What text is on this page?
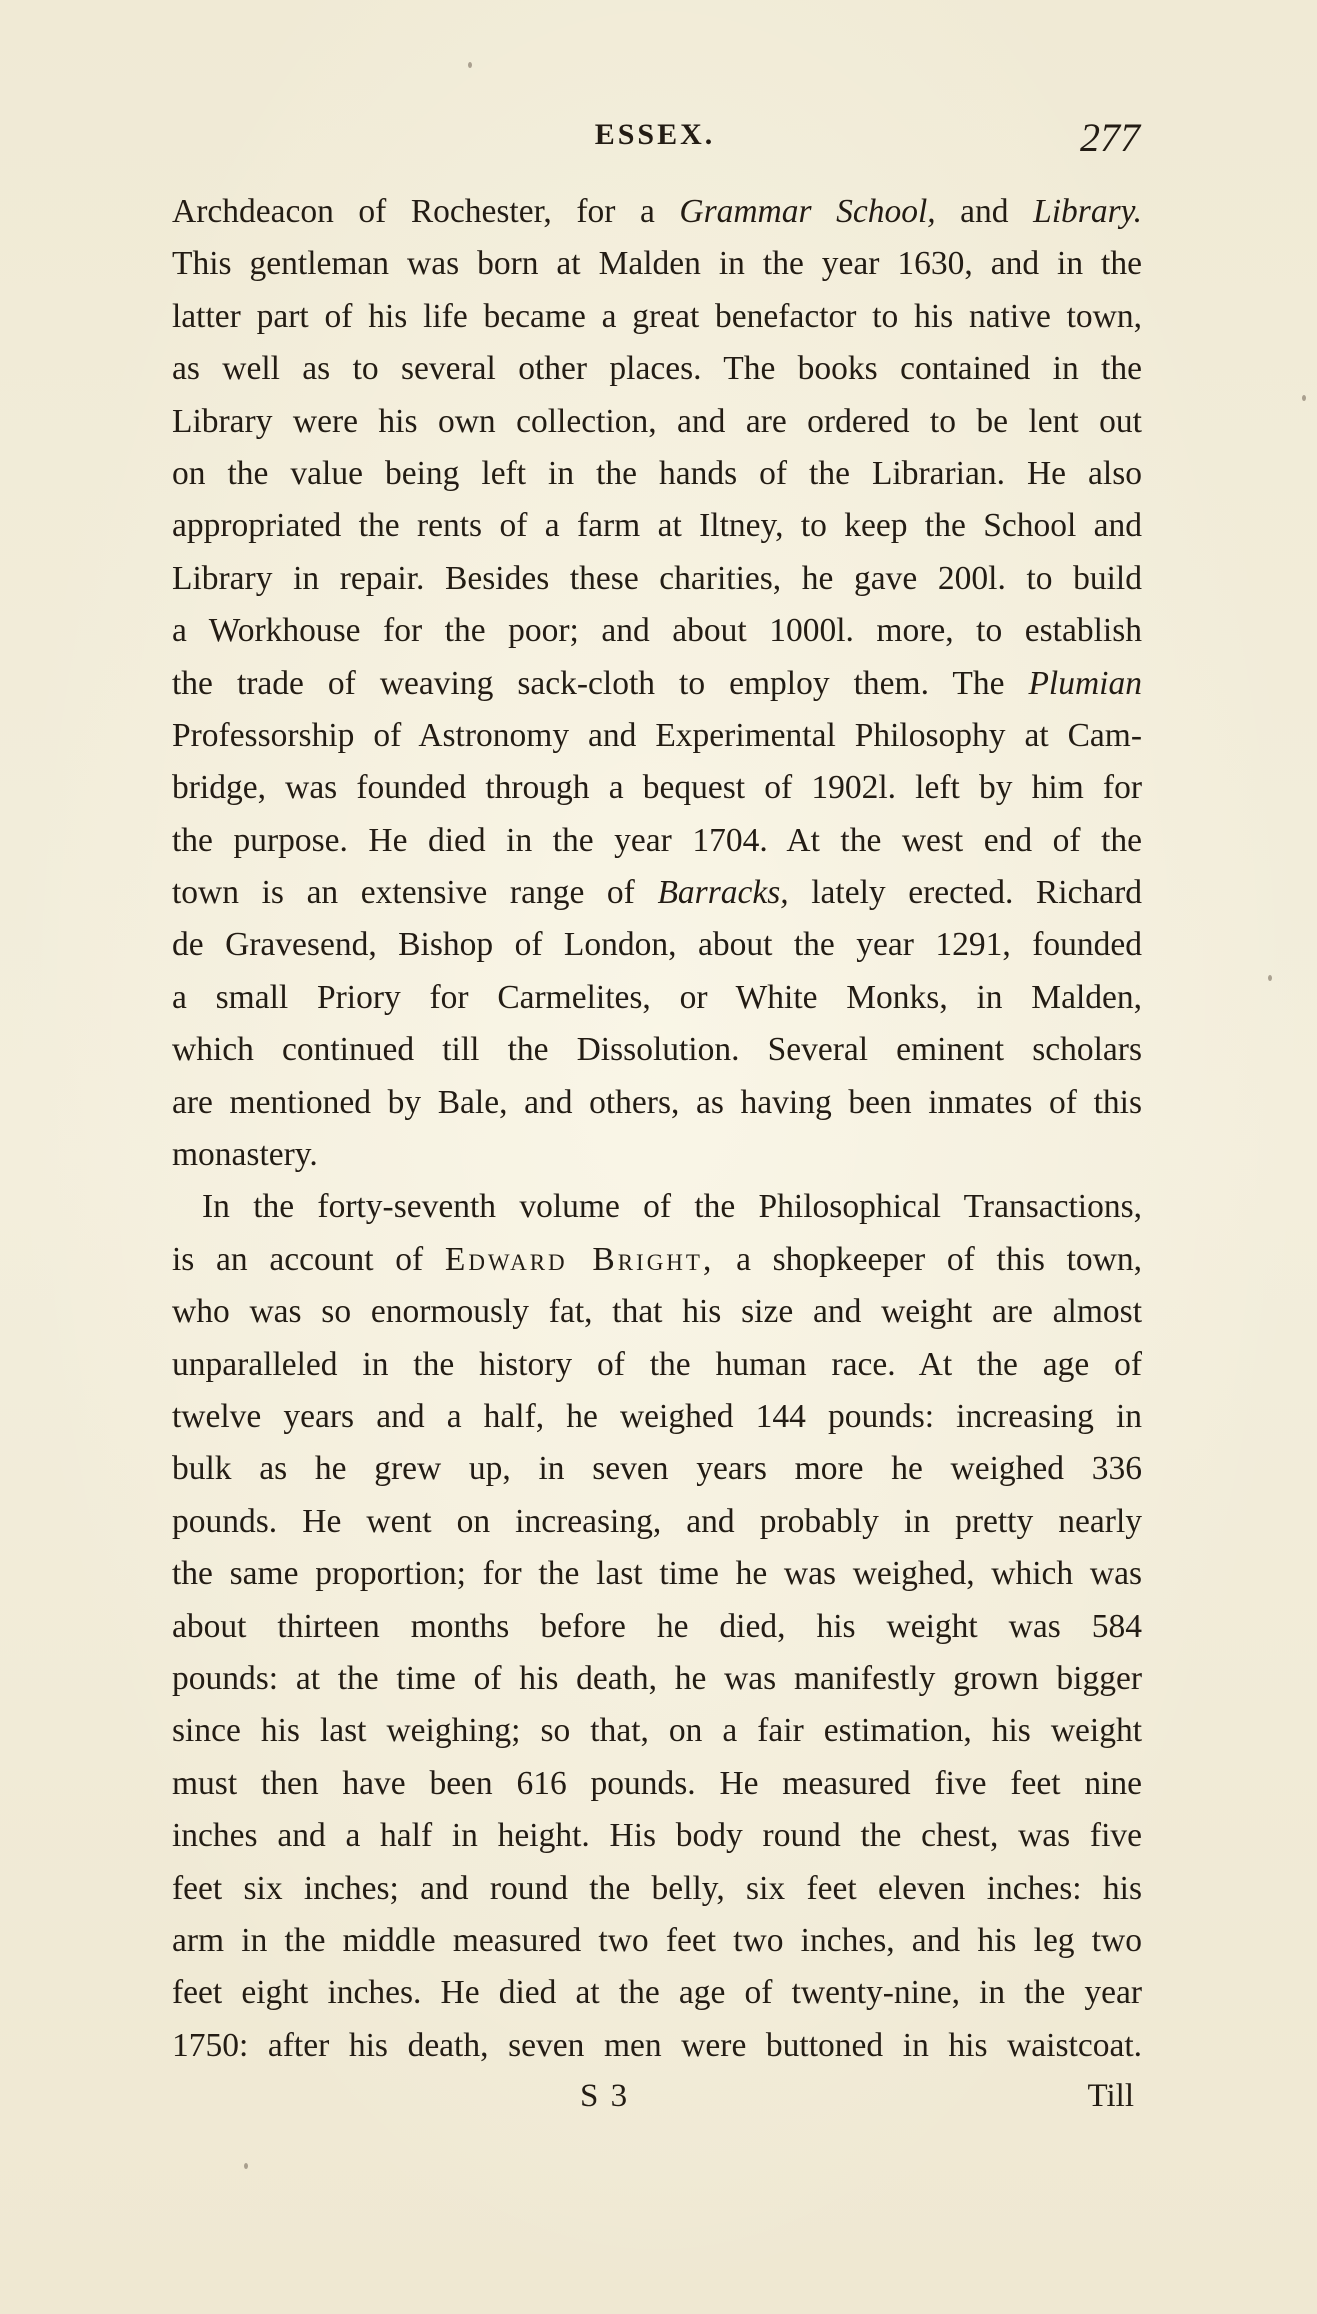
ESSEX.	277
Archdeacon of Rochester, for a Grammar School, and Library.
This gentleman was born at Malden in the year 1630, and in the
latter part of his life became a great benefactor to his native town,
as well as to several other places. The books contained in the
Library were his own collection, and are ordered to be lent out
on the value being left in the hands of the Librarian. He also
appropriated the rents of a farm at Iltney, to keep the School and
Library in repair. Besides these charities, he gave 200l. to build
a Workhouse for the poor; and about 1000l. more, to establish
the trade of weaving sack-cloth to employ them. The Plumian
Professorship of Astronomy and Experimental Philosophy at Cam-
bridge, was founded through a bequest of 1902l. left by him for
the purpose. He died in the year 1704. At the west end of the
town is an extensive range of Barracks, lately erected. Richard
de Gravesend, Bishop of London, about the year 1291, founded
a small Priory for Carmelites, or White Monks, in Malden,
which continued till the Dissolution. Several eminent scholars
are mentioned by Bale, and others, as having been inmates of this
monastery.
In the forty-seventh volume of the Philosophical Transactions,
is an account of Edward Bright, a shopkeeper of this town,
who was so enormously fat, that his size and weight are almost
unparalleled in the history of the human race. At the age of
twelve years and a half, he weighed 144 pounds: increasing in
bulk as he grew up, in seven years more he weighed 336
pounds. He went on increasing, and probably in pretty nearly
the same proportion; for the last time he was weighed, which was
about thirteen months before he died, his weight was 584
pounds: at the time of his death, he was manifestly grown bigger
since his last weighing; so that, on a fair estimation, his weight
must then have been 616 pounds. He measured five feet nine
inches and a half in height. His body round the chest, was five
feet six inches; and round the belly, six feet eleven inches: his
arm in the middle measured two feet two inches, and his leg two
feet eight inches. He died at the age of twenty-nine, in the year
1750: after his death, seven men were buttoned in his waistcoat.
S 3	Till
